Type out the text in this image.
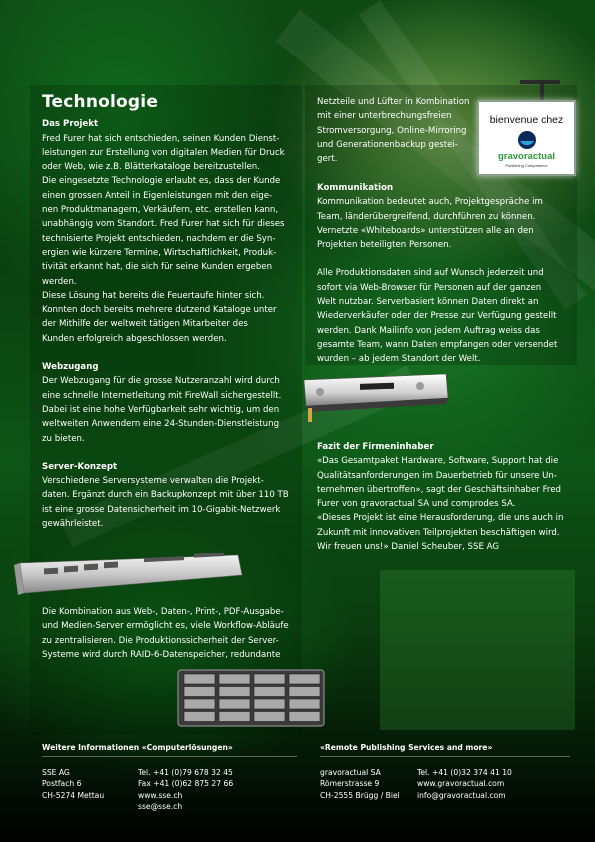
Technologie

Das Projekt

Fred Furer hat sich entschieden, seinen Kunden Dienst-
leistungen zur Erstellung von digitalen Medien für Druck
oder Web, wie z.B. Blätterkataloge bereitzustellen.
Die eingesetzte Technologie erlaubt es, dass der Kunde
einen grossen Anteil in Eigenleistungen mit den eige-
nen Produktmanagern, Verkäufern, etc. erstellen kann,
unabhängig vom Standort. Fred Furer hat sich für dieses
technisierte Projekt entschieden, nachdem er die Syn-
ergien wie kürzere Termine, Wirtschaftlichkeit, Produk-
tivität erkannt hat, die sich für seine Kunden ergeben
werden.
Diese Lösung hat bereits die Feuertaufe hinter sich.
Konnten doch bereits mehrere dutzend Kataloge unter
der Mithilfe der weltweit tätigen Mitarbeiter des
Kunden erfolgreich abgeschlossen werden.

Webzugang

Der Webzugang für die grosse Nutzeranzahl wird durch
eine schnelle Internetleitung mit FireWall sichergestellt.
Dabei ist eine hohe Verfügbarkeit sehr wichtig, um den
weltweiten Anwendern eine 24-Stunden-Dienstleistung
zu bieten.

Server-Konzept

Verschiedene Serversysteme verwalten die Projekt-
daten. Ergänzt durch ein Backupkonzept mit über 110 TB
ist eine grosse Datensicherheit im 10-Gigabit-Netzwerk
gewährleistet.
Die Kombination aus Web-, Daten-, Print-, PDF-Ausgabe-
und Medien-Server ermöglicht es, viele Workflow-Abläufe
zu zentralisieren. Die Produktionssicherheit der Server-
Systeme wird durch RAID-6-Datenspeicher, redundante
Netzteile und Lüfter in Kombination
mit einer unterbrechungsfreien
Stromversorgung, Online-Mirroring
und Generationenbackup gestei-
gert.

Kommunikation

Kommunikation bedeutet auch, Projektgespräche im
Team, länderübergreifend, durchführen zu können.
Vernetzte «Whiteboards» unterstützen alle an den
Projekten beteiligten Personen.
Alle Produktionsdaten sind auf Wunsch jederzeit und
sofort via Web-Browser für Personen auf der ganzen
Welt nutzbar. Serverbasiert können Daten direkt an
Wiederverkäufer oder der Presse zur Verfügung gestellt
werden. Dank Mailinfo von jedem Auftrag weiss das
gesamte Team, wann Daten empfangen oder versendet
wurden – ab jedem Standort der Welt.

Fazit der Firmeninhaber

«Das Gesamtpaket Hardware, Software, Support hat die
Qualitätsanforderungen im Dauerbetrieb für unsere Un-
ternehmen übertroffen», sagt der Geschäftsinhaber Fred
Furer von gravoractual SA und comprodes SA.
«Dieses Projekt ist eine Herausforderung, die uns auch in
Zukunft mit innovativen Teilprojekten beschäftigen wird.
Wir freuen uns!» Daniel Scheuber, SSE AG
bienvenue chez
gravoractual
Publishing Competence
Weitere Informationen «Computerlösungen»	«Remote Publishing Services and more»
SSE AG
Postfach 6
CH-5274 Mettau
Tel. +41 (0)79 678 32 45
Fax +41 (0)62 875 27 66
www.sse.ch
sse@sse.ch
gravoractual SA
Römerstrasse 9
CH-2555 Brügg / Biel
Tel. +41 (0)32 374 41 10
www.gravoractual.com
info@gravoractual.com
